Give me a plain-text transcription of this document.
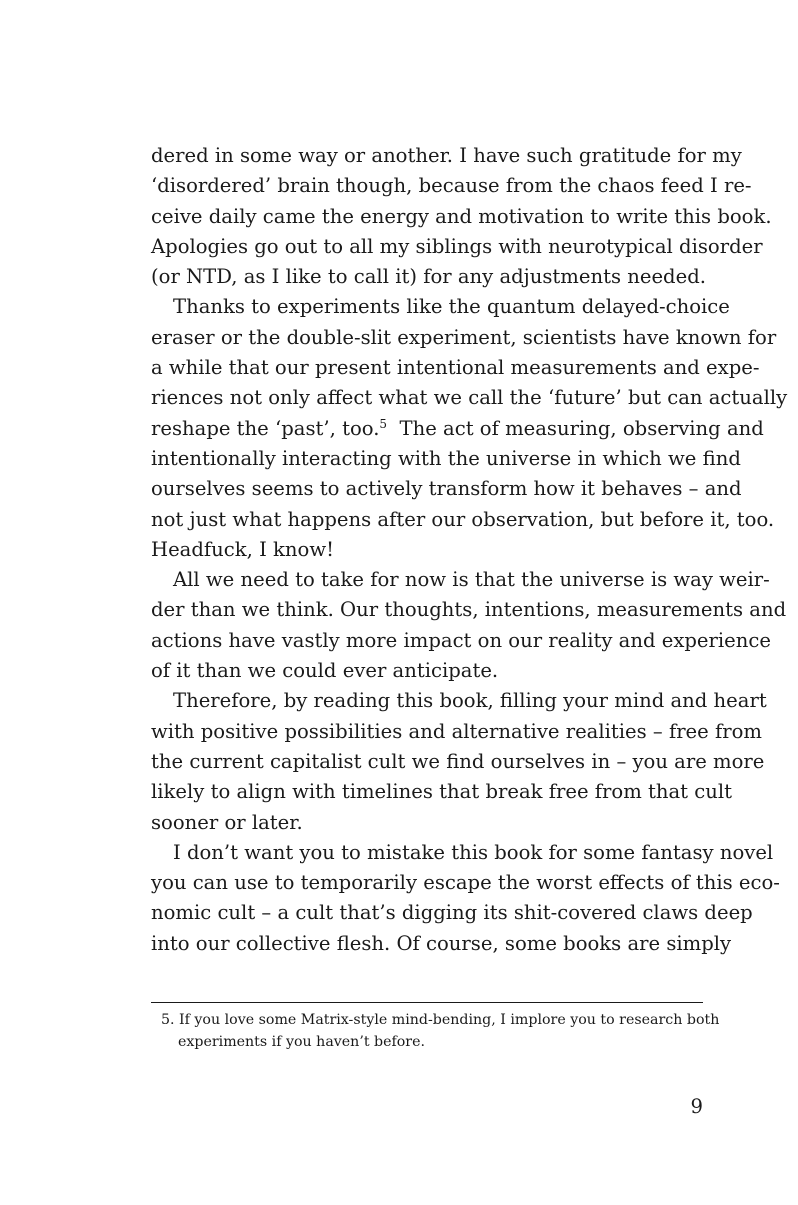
dered in some way or another. I have such gratitude for my
‘disordered’ brain though, because from the chaos feed I re-
ceive daily came the energy and motivation to write this book.
Apologies go out to all my siblings with neurotypical disorder
(or NTD, as I like to call it) for any adjustments needed.
Thanks to experiments like the quantum delayed-choice
eraser or the double-slit experiment, scientists have known for
a while that our present intentional measurements and expe-
riences not only affect what we call the ‘future’ but can actually
reshape the ‘past’, too.$^5$ The act of measuring, observing and
intentionally interacting with the universe in which we find
ourselves seems to actively transform how it behaves – and
not just what happens after our observation, but before it, too.
Headfuck, I know!
All we need to take for now is that the universe is way weir-
der than we think. Our thoughts, intentions, measurements and
actions have vastly more impact on our reality and experience
of it than we could ever anticipate.
Therefore, by reading this book, filling your mind and heart
with positive possibilities and alternative realities – free from
the current capitalist cult we find ourselves in – you are more
likely to align with timelines that break free from that cult
sooner or later.
I don’t want you to mistake this book for some fantasy novel
you can use to temporarily escape the worst effects of this eco-
nomic cult – a cult that’s digging its shit-covered claws deep
into our collective flesh. Of course, some books are simply
5. If you love some Matrix-style mind-bending, I implore you to research both
experiments if you haven’t before.
9
